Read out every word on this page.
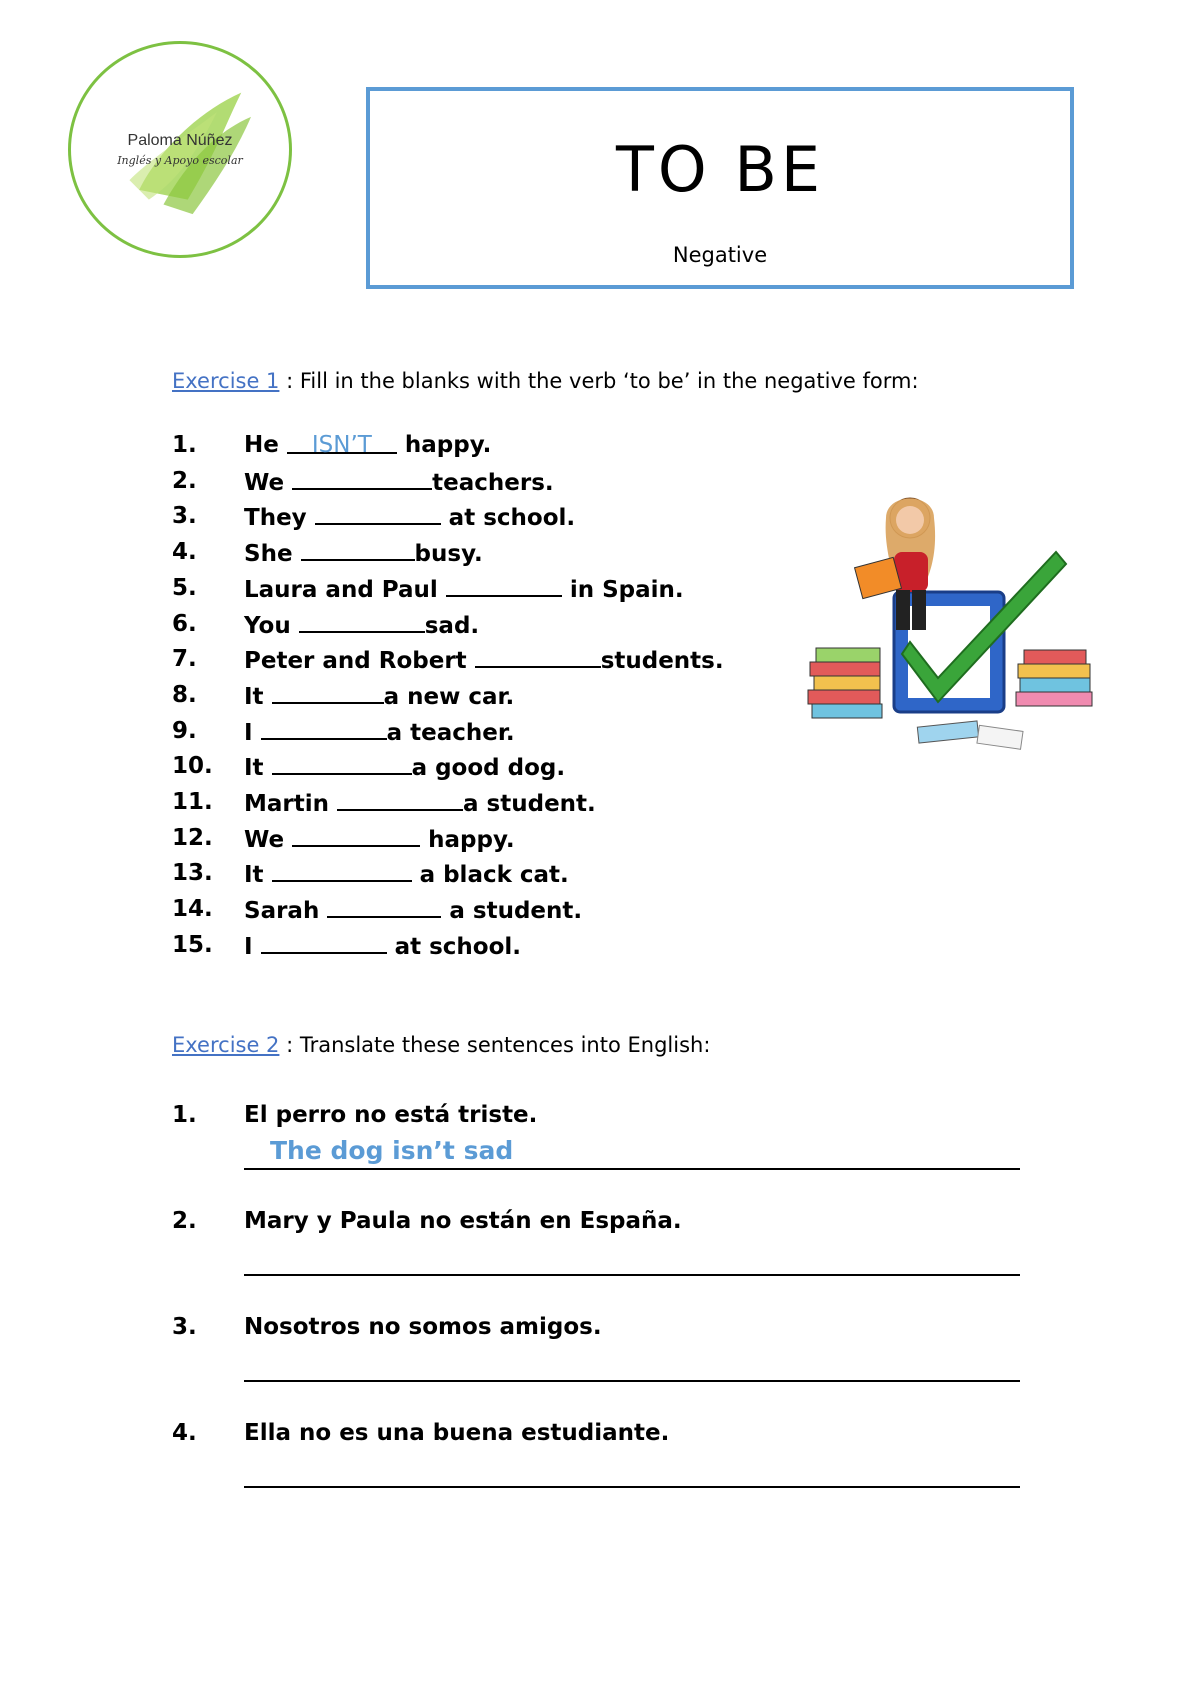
Paloma Núñez
Inglés y Apoyo escolar	TO BE
Negative
Exercise 1 : Fill in the blanks with the verb ‘to be’ in the negative form:
1.	He ISN’T happy.
2.	We	teachers.
3.	They	at school.
4.	She	busy.
5.	Laura and Paul	in Spain.
6.	You	sad.
7.	Peter and Robert	students.
8.	It	a new car.
9.	I	a teacher.
10.	It	a good dog.
11.	Martin	a student.
12.	We	happy.
13.	It	a black cat.
14.	Sarah	a student.
15.	I	at school.
Exercise 2 : Translate these sentences into English:
1.	El perro no está triste.
The dog isn’t sad
2.	Mary y Paula no están en España.
3.	Nosotros no somos amigos.
4.	Ella no es una buena estudiante.
